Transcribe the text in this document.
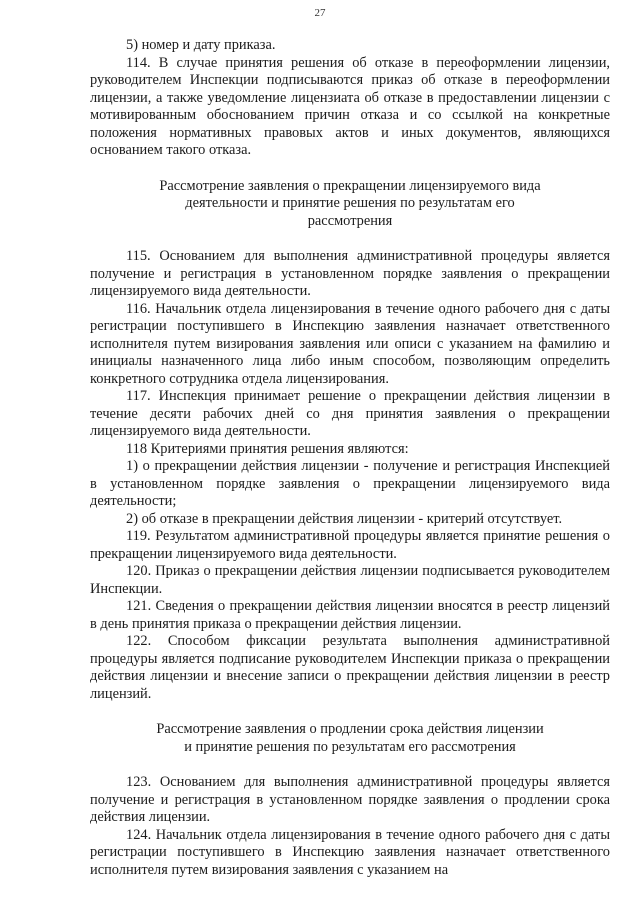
27

5) номер и дату приказа.

114. В случае принятия решения об отказе в переоформлении лицензии, руководителем Инспекции подписываются приказ об отказе в переоформлении лицензии, а также уведомление лицензиата об отказе в предоставлении лицензии с мотивированным обоснованием причин отказа и со ссылкой на конкретные положения нормативных правовых актов и иных документов, являющихся основанием такого отказа.

Рассмотрение заявления о прекращении лицензируемого вида
деятельности и принятие решения по результатам его
рассмотрения

115. Основанием для выполнения административной процедуры является получение и регистрация в установленном порядке заявления о прекращении лицензируемого вида деятельности.

116. Начальник отдела лицензирования в течение одного рабочего дня с даты регистрации поступившего в Инспекцию заявления назначает ответственного исполнителя путем визирования заявления или описи с указанием на фамилию и инициалы назначенного лица либо иным способом, позволяющим определить конкретного сотрудника отдела лицензирования.

117. Инспекция принимает решение о прекращении действия лицензии в течение десяти рабочих дней со дня принятия заявления о прекращении лицензируемого вида деятельности.

118 Критериями принятия решения являются:

1) о прекращении действия лицензии - получение и регистрация Инспекцией в установленном порядке заявления о прекращении лицензируемого вида деятельности;

2) об отказе в прекращении действия лицензии - критерий отсутствует.

119. Результатом административной процедуры является принятие решения о прекращении лицензируемого вида деятельности.

120. Приказ о прекращении действия лицензии подписывается руководителем Инспекции.

121. Сведения о прекращении действия лицензии вносятся в реестр лицензий в день принятия приказа о прекращении действия лицензии.

122. Способом фиксации результата выполнения административной процедуры является подписание руководителем Инспекции приказа о прекращении действия лицензии и внесение записи о прекращении действия лицензии в реестр лицензий.

Рассмотрение заявления о продлении срока действия лицензии
и принятие решения по результатам его рассмотрения

123. Основанием для выполнения административной процедуры является получение и регистрация в установленном порядке заявления о продлении срока действия лицензии.

124. Начальник отдела лицензирования в течение одного рабочего дня с даты регистрации поступившего в Инспекцию заявления назначает ответственного исполнителя путем визирования заявления с указанием на
